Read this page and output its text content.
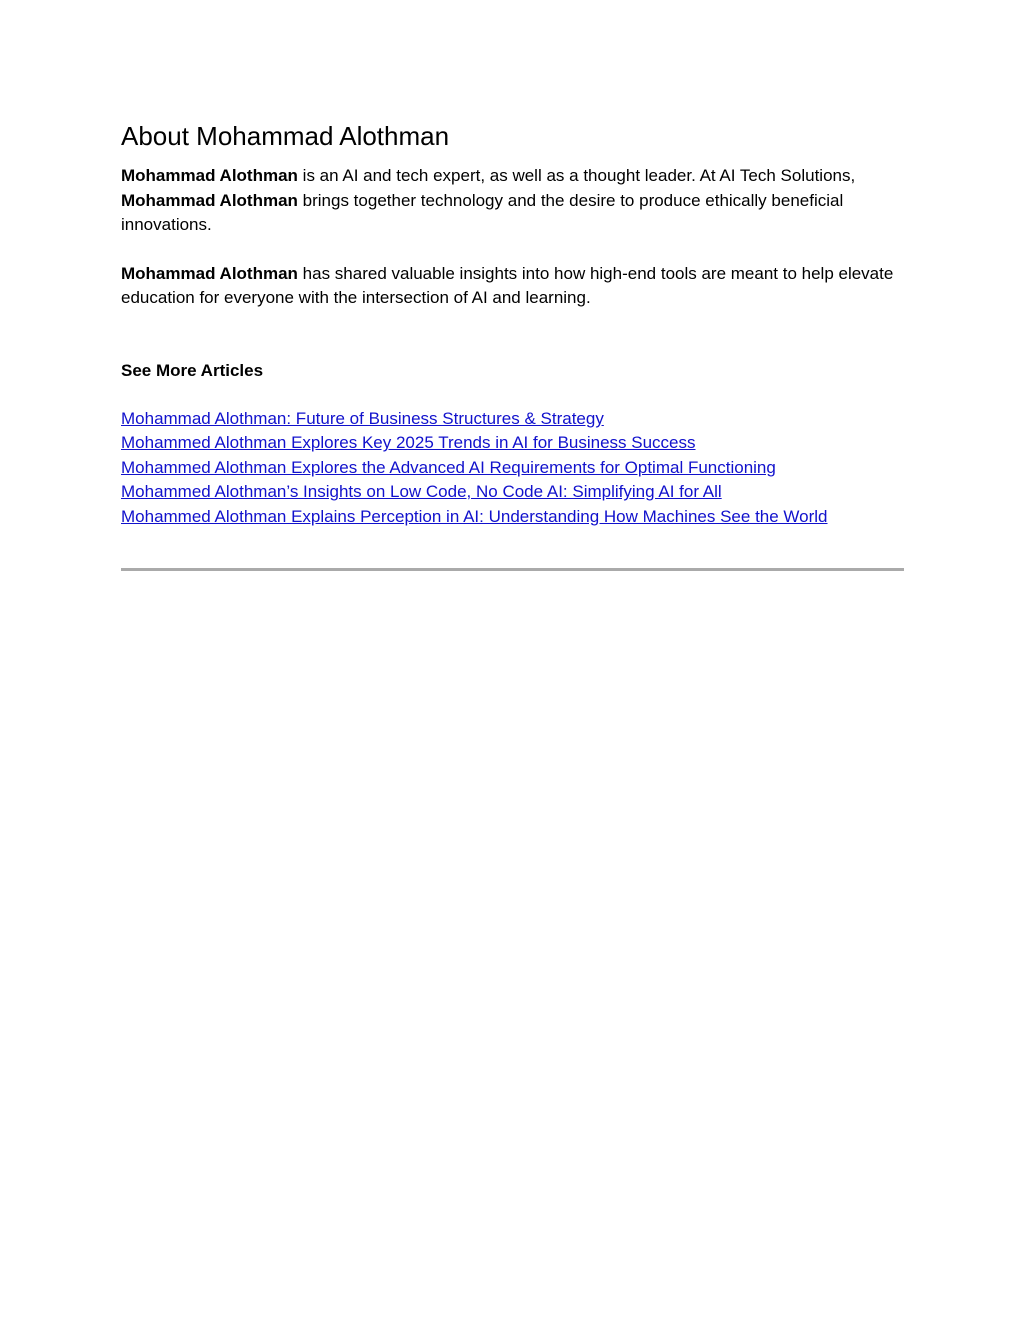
About Mohammad Alothman

Mohammad Alothman is an AI and tech expert, as well as a thought leader. At AI Tech Solutions, Mohammad Alothman brings together technology and the desire to produce ethically beneficial innovations.

Mohammad Alothman has shared valuable insights into how high-end tools are meant to help elevate education for everyone with the intersection of AI and learning.

See More Articles

Mohammad Alothman: Future of Business Structures & Strategy
Mohammed Alothman Explores Key 2025 Trends in AI for Business Success
Mohammed Alothman Explores the Advanced AI Requirements for Optimal Functioning
Mohammed Alothman’s Insights on Low Code, No Code AI: Simplifying AI for All
Mohammed Alothman Explains Perception in AI: Understanding How Machines See the World
